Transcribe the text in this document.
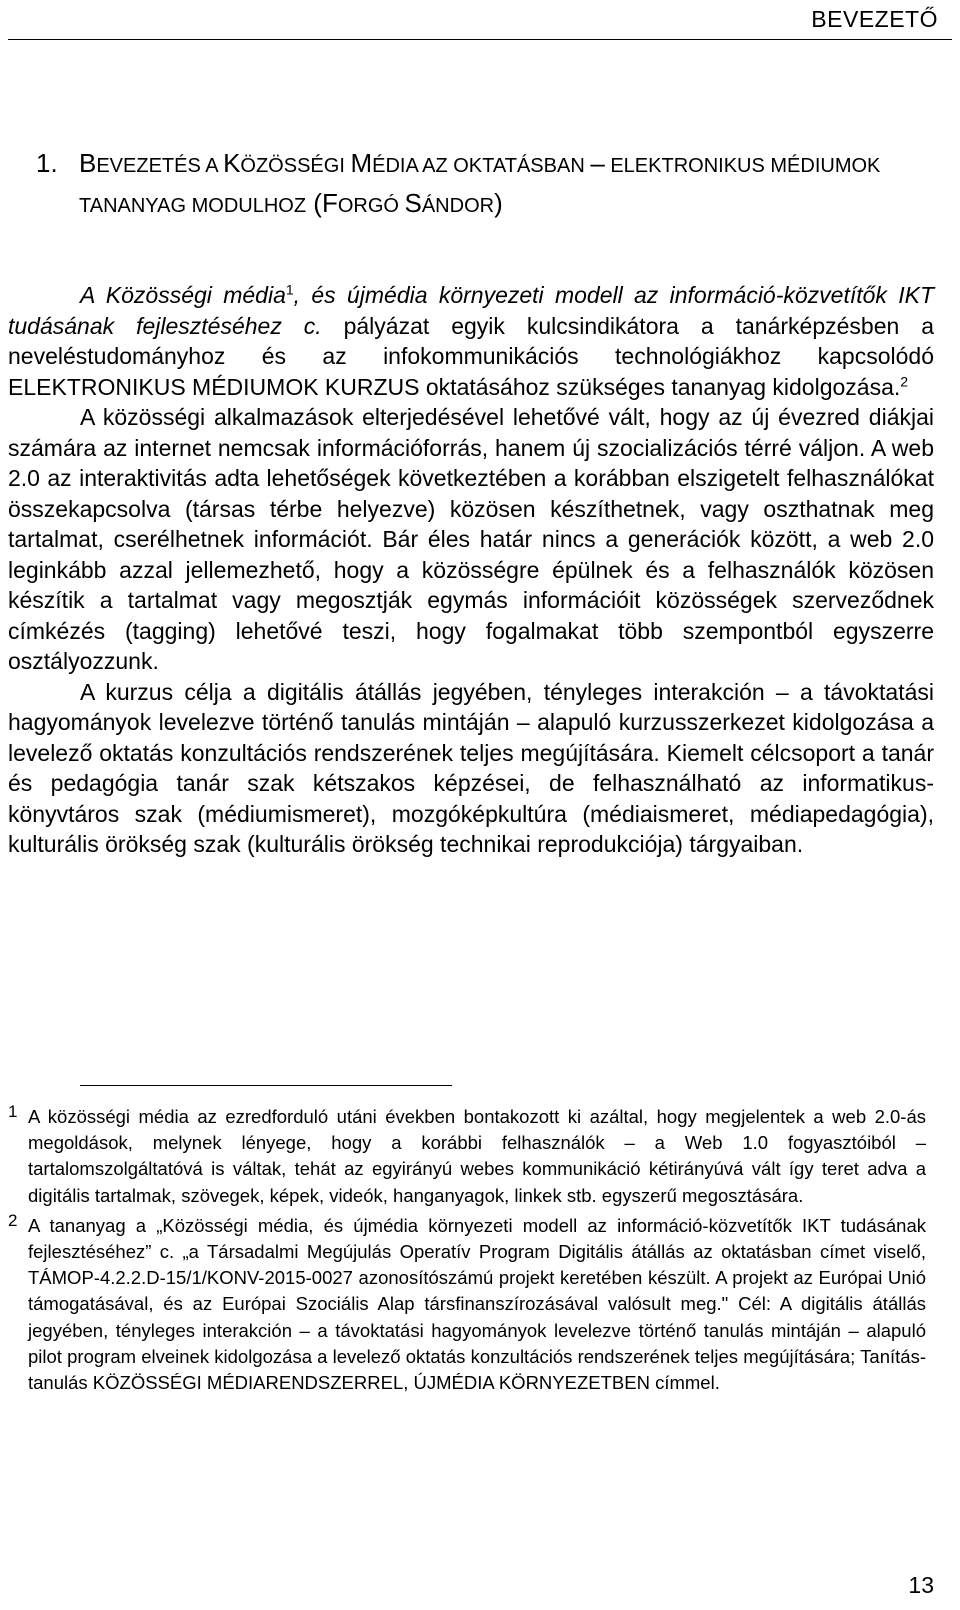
BEVEZETŐ
1. BEVEZETÉS A KÖZÖSSÉGI MÉDIA AZ OKTATÁSBAN – ELEKTRONIKUS MÉDIUMOK TANANYAG MODULHOZ (FORGÓ SÁNDOR)

A Közösségi média$^1$, és újmédia környezeti modell az információ-közvetítők IKT tudásának fejlesztéséhez c. pályázat egyik kulcsindikátora a tanárképzésben a neveléstudományhoz és az infokommunikációs technológiákhoz kapcsolódó ELEKTRONIKUS MÉDIUMOK KURZUS oktatásához szükséges tananyag kidolgozása.$^2$

A közösségi alkalmazások elterjedésével lehetővé vált, hogy az új évezred diákjai számára az internet nemcsak információforrás, hanem új szocializációs térré váljon. A web 2.0 az interaktivitás adta lehetőségek következtében a korábban elszigetelt felhasználókat összekapcsolva (társas térbe helyezve) közösen készíthetnek, vagy oszthatnak meg tartalmat, cserélhetnek információt. Bár éles határ nincs a generációk között, a web 2.0 leginkább azzal jellemezhető, hogy a közösségre épülnek és a felhasználók közösen készítik a tartalmat vagy megosztják egymás információit közösségek szerveződnek címkézés (tagging) lehetővé teszi, hogy fogalmakat több szempontból egyszerre osztályozzunk.

A kurzus célja a digitális átállás jegyében, tényleges interakción – a távoktatási hagyományok levelezve történő tanulás mintáján – alapuló kurzusszerkezet kidolgozása a levelező oktatás konzultációs rendszerének teljes megújítására. Kiemelt célcsoport a tanár és pedagógia tanár szak kétszakos képzései, de felhasználható az informatikus-könyvtáros szak (médiumismeret), mozgóképkultúra (médiaismeret, médiapedagógia), kulturális örökség szak (kulturális örökség technikai reprodukciója) tárgyaiban.

1 A közösségi média az ezredforduló utáni években bontakozott ki azáltal, hogy megjelentek a web 2.0-ás megoldások, melynek lényege, hogy a korábbi felhasználók – a Web 1.0 fogyasztóiból – tartalomszolgáltatóvá is váltak, tehát az egyirányú webes kommunikáció kétirányúvá vált így teret adva a digitális tartalmak, szövegek, képek, videók, hanganyagok, linkek stb. egyszerű megosztására.
2 A tananyag a „Közösségi média, és újmédia környezeti modell az információ-közvetítők IKT tudásának fejlesztéséhez” c. „a Társadalmi Megújulás Operatív Program Digitális átállás az oktatásban címet viselő, TÁMOP-4.2.2.D-15/1/KONV-2015-0027 azonosítószámú projekt keretében készült. A projekt az Európai Unió támogatásával, és az Európai Szociális Alap társfinanszírozásával valósult meg." Cél: A digitális átállás jegyében, tényleges interakción – a távoktatási hagyományok levelezve történő tanulás mintáján – alapuló pilot program elveinek kidolgozása a levelező oktatás konzultációs rendszerének teljes megújítására; Tanítás-tanulás KÖZÖSSÉGI MÉDIARENDSZERREL, ÚJMÉDIA KÖRNYEZETBEN címmel.
13
